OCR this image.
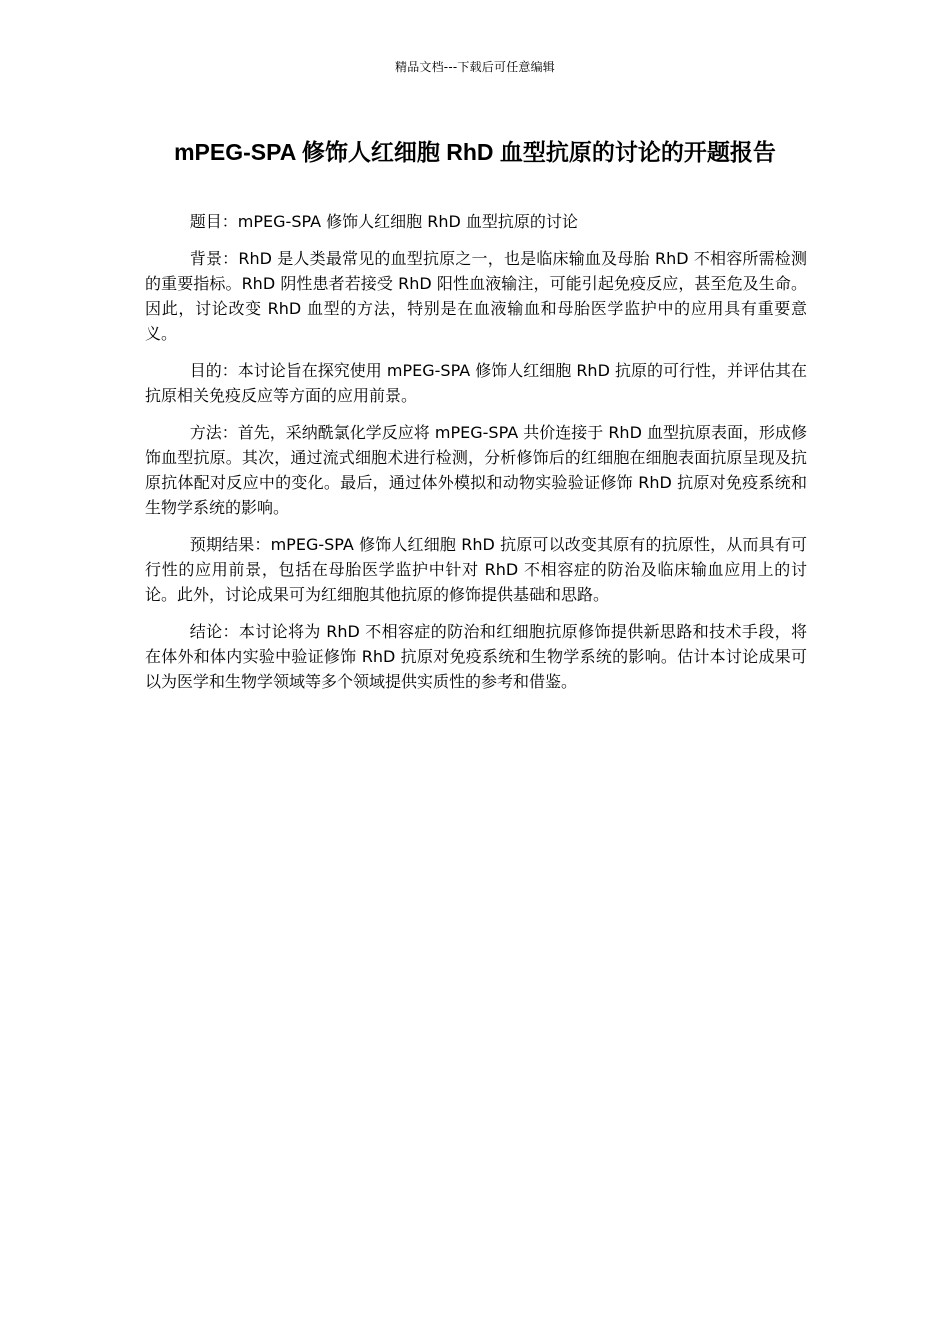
精品文档---下载后可任意编辑
mPEG-SPA 修饰人红细胞 RhD 血型抗原的讨论的开题报告

题目：mPEG-SPA 修饰人红细胞 RhD 血型抗原的讨论

背景：RhD 是人类最常见的血型抗原之一，也是临床输血及母胎 RhD 不相容所需检测的重要指标。RhD 阴性患者若接受 RhD 阳性血液输注，可能引起免疫反应，甚至危及生命。因此，讨论改变 RhD 血型的方法，特别是在血液输血和母胎医学监护中的应用具有重要意义。

目的：本讨论旨在探究使用 mPEG-SPA 修饰人红细胞 RhD 抗原的可行性，并评估其在抗原相关免疫反应等方面的应用前景。

方法：首先，采纳酰氯化学反应将 mPEG-SPA 共价连接于 RhD 血型抗原表面，形成修饰血型抗原。其次，通过流式细胞术进行检测，分析修饰后的红细胞在细胞表面抗原呈现及抗原抗体配对反应中的变化。最后，通过体外模拟和动物实验验证修饰 RhD 抗原对免疫系统和生物学系统的影响。

预期结果：mPEG-SPA 修饰人红细胞 RhD 抗原可以改变其原有的抗原性，从而具有可行性的应用前景，包括在母胎医学监护中针对 RhD 不相容症的防治及临床输血应用上的讨论。此外，讨论成果可为红细胞其他抗原的修饰提供基础和思路。

结论：本讨论将为 RhD 不相容症的防治和红细胞抗原修饰提供新思路和技术手段，将在体外和体内实验中验证修饰 RhD 抗原对免疫系统和生物学系统的影响。估计本讨论成果可以为医学和生物学领域等多个领域提供实质性的参考和借鉴。
